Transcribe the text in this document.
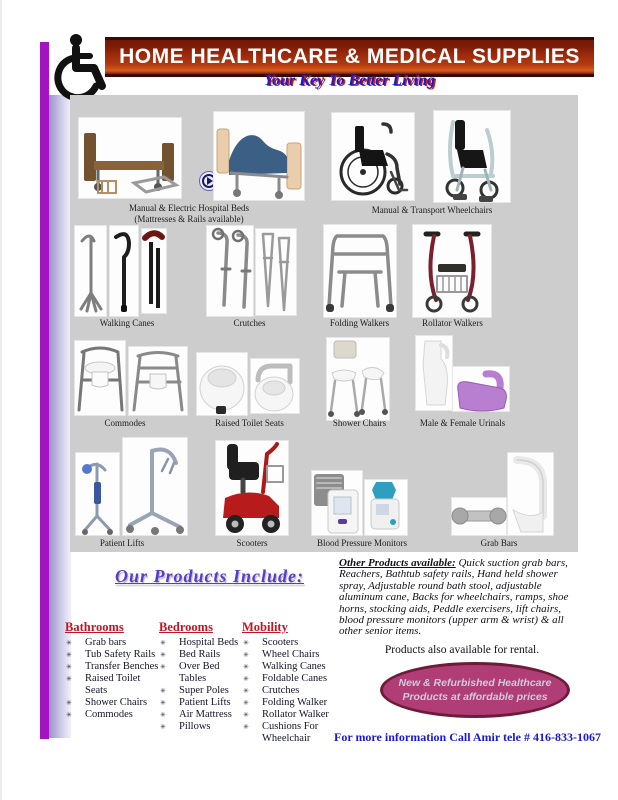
HOME HEALTHCARE & MEDICAL SUPPLIES
Your Key To Better Living
Manual & Electric Hospital Beds
(Mattresses & Rails available)
Manual & Transport Wheelchairs
Walking Canes	Crutches	Folding Walkers	Rollator Walkers
Commodes	Raised Toilet Seats	Shower Chairs	Male & Female Urinals
Patient Lifts	Scooters	Blood Pressure Monitors	Grab Bars
Our Products Include:
Bathrooms
✳ Grab bars
✳ Tub Safety Rails
✳ Transfer Benches
✳ Raised Toilet Seats
✳ Shower Chairs
✳ Commodes
Bedrooms
✳ Hospital Beds
✳ Bed Rails
✳ Over Bed Tables
✳ Super Poles
✳ Patient Lifts
✳ Air Mattress
✳ Pillows
Mobility
✳ Scooters
✳ Wheel Chairs
✳ Walking Canes
✳ Foldable Canes
✳ Crutches
✳ Folding Walker
✳ Rollator Walker
✳ Cushions For Wheelchair
Other Products available: Quick suction grab bars, Reachers, Bathtub safety rails, Hand held shower spray, Adjustable round bath stool, adjustable aluminum cane, Backs for wheelchairs, ramps, shoe horns, stocking aids, Peddle exercisers, lift chairs, blood pressure monitors (upper arm & wrist) & all other senior items.
Products also available for rental.
New & Refurbished Healthcare
Products at affordable prices
For more information Call Amir tele # 416-833-1067
